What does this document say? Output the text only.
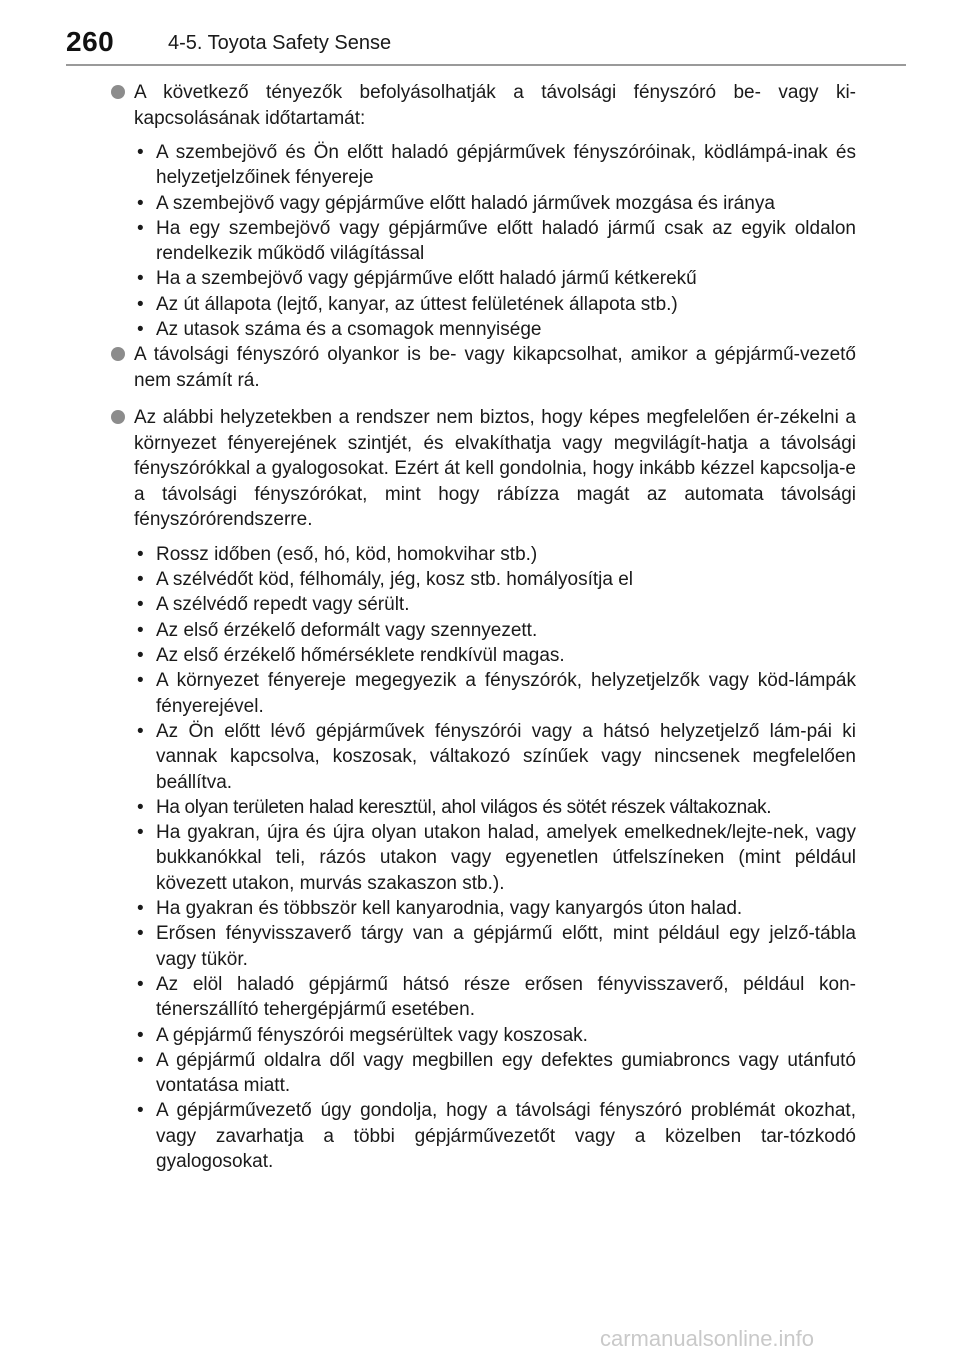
260	4-5. Toyota Safety Sense

A következő tényezők befolyásolhatják a távolsági fényszóró be- vagy ki-kapcsolásának időtartamát:

• A szembejövő és Ön előtt haladó gépjárművek fényszóróinak, ködlámpá-inak és helyzetjelzőinek fényereje
• A szembejövő vagy gépjárműve előtt haladó járművek mozgása és iránya
• Ha egy szembejövő vagy gépjárműve előtt haladó jármű csak az egyik oldalon rendelkezik működő világítással
• Ha a szembejövő vagy gépjárműve előtt haladó jármű kétkerekű
• Az út állapota (lejtő, kanyar, az úttest felületének állapota stb.)
• Az utasok száma és a csomagok mennyisége

A távolsági fényszóró olyankor is be- vagy kikapcsolhat, amikor a gépjármű-vezető nem számít rá.

Az alábbi helyzetekben a rendszer nem biztos, hogy képes megfelelően ér-zékelni a környezet fényerejének szintjét, és elvakíthatja vagy megvilágít-hatja a távolsági fényszórókkal a gyalogosokat. Ezért át kell gondolnia, hogy inkább kézzel kapcsolja-e a távolsági fényszórókat, mint hogy rábízza magát az automata távolsági fényszórórendszerre.

• Rossz időben (eső, hó, köd, homokvihar stb.)
• A szélvédőt köd, félhomály, jég, kosz stb. homályosítja el
• A szélvédő repedt vagy sérült.
• Az első érzékelő deformált vagy szennyezett.
• Az első érzékelő hőmérséklete rendkívül magas.
• A környezet fényereje megegyezik a fényszórók, helyzetjelzők vagy köd-lámpák fényerejével.
• Az Ön előtt lévő gépjárművek fényszórói vagy a hátsó helyzetjelző lám-pái ki vannak kapcsolva, koszosak, váltakozó színűek vagy nincsenek megfelelően beállítva.
• Ha olyan területen halad keresztül, ahol világos és sötét részek váltakoznak.
• Ha gyakran, újra és újra olyan utakon halad, amelyek emelkednek/lejte-nek, vagy bukkanókkal teli, rázós utakon vagy egyenetlen útfelszíneken (mint például kövezett utakon, murvás szakaszon stb.).
• Ha gyakran és többször kell kanyarodnia, vagy kanyargós úton halad.
• Erősen fényvisszaverő tárgy van a gépjármű előtt, mint például egy jelző-tábla vagy tükör.
• Az elöl haladó gépjármű hátsó része erősen fényvisszaverő, például kon-ténerszállító tehergépjármű esetében.
• A gépjármű fényszórói megsérültek vagy koszosak.
• A gépjármű oldalra dől vagy megbillen egy defektes gumiabroncs vagy utánfutó vontatása miatt.
• A gépjárművezető úgy gondolja, hogy a távolsági fényszóró problémát okozhat, vagy zavarhatja a többi gépjárművezetőt vagy a közelben tar-tózkodó gyalogosokat.
carmanualsonline.info
